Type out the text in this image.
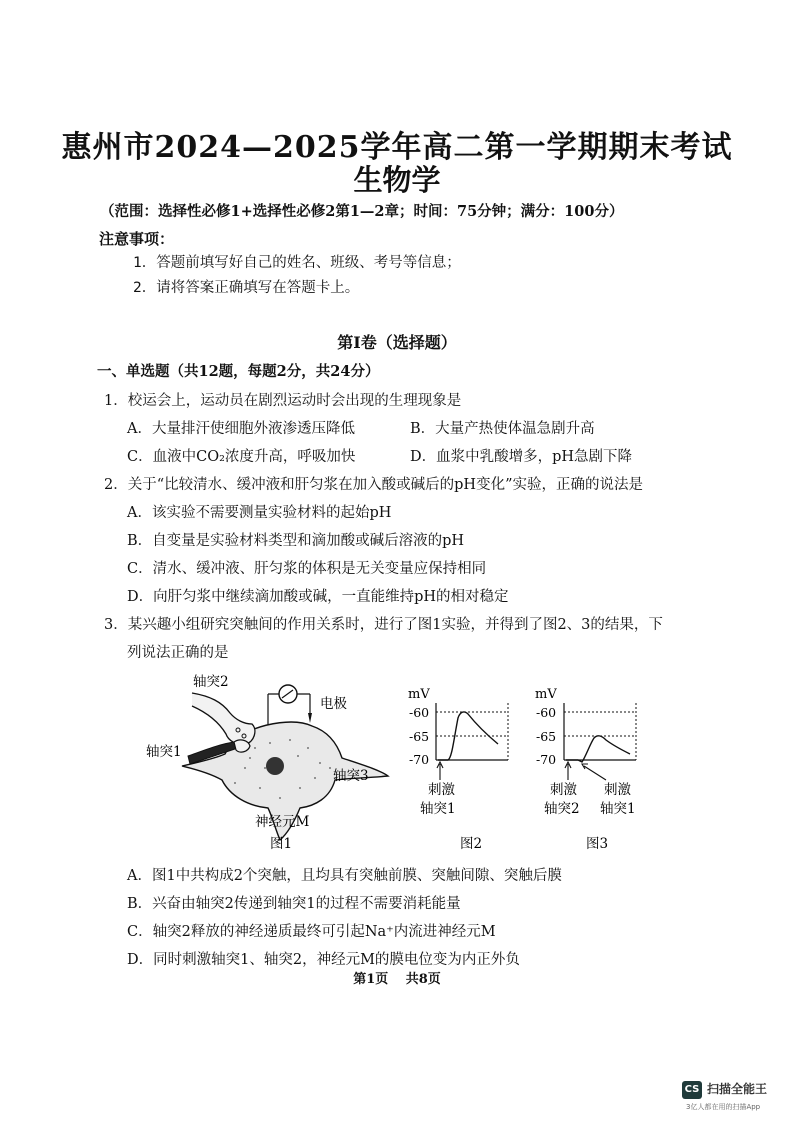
惠州市2024—2025学年高二第一学期期末考试
生物学
（范围：选择性必修1+选择性必修2第1—2章；时间：75分钟；满分：100分）
注意事项：
1．答题前填写好自己的姓名、班级、考号等信息；
2．请将答案正确填写在答题卡上。
第Ⅰ卷（选择题）
一、单选题（共12题，每题2分，共24分）
1．校运会上，运动员在剧烈运动时会出现的生理现象是
A．大量排汗使细胞外液渗透压降低	B．大量产热使体温急剧升高
C．血液中CO₂浓度升高，呼吸加快	D．血浆中乳酸增多，pH急剧下降
2．关于“比较清水、缓冲液和肝匀浆在加入酸或碱后的pH变化”实验，正确的说法是
A．该实验不需要测量实验材料的起始pH
B．自变量是实验材料类型和滴加酸或碱后溶液的pH
C．清水、缓冲液、肝匀浆的体积是无关变量应保持相同
D．向肝匀浆中继续滴加酸或碱，一直能维持pH的相对稳定
3．某兴趣小组研究突触间的作用关系时，进行了图1实验，并得到了图2、3的结果，下
列说法正确的是
轴突2
电极
轴突1
轴突3
神经元M
图1
mV
-60
-65
-70
刺激
轴突1
图2
mV
-60
-65
-70
刺激
轴突2
刺激
轴突1
图3
A．图1中共构成2个突触，且均具有突触前膜、突触间隙、突触后膜
B．兴奋由轴突2传递到轴突1的过程不需要消耗能量
C．轴突2释放的神经递质最终可引起Na⁺内流进神经元M
D．同时刺激轴突1、轴突2，神经元M的膜电位变为内正外负
第1页　 共8页
CS 扫描全能王
3亿人都在用的扫描App
